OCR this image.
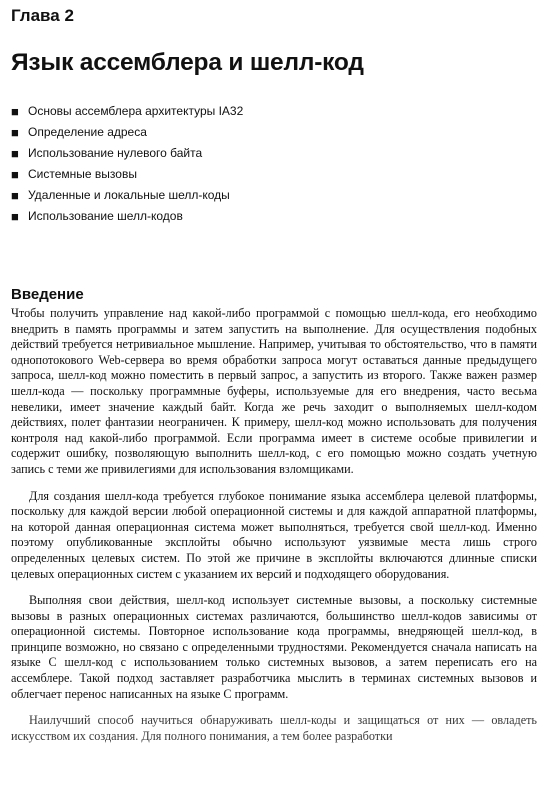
Глава 2
Язык ассемблера и шелл-код
■ Основы ассемблера архитектуры IA32
■ Определение адреса
■ Использование нулевого байта
■ Системные вызовы
■ Удаленные и локальные шелл-коды
■ Использование шелл-кодов
Введение

Чтобы получить управление над какой-либо программой с помощью шелл-кода, его необходимо внедрить в память программы и затем запустить на выполнение. Для осуществления подобных действий требуется нетривиальное мышление. Например, учитывая то обстоятельство, что в памяти однопотокового Web-сервера во время обработки запроса могут оставаться данные предыдущего запроса, шелл-код можно поместить в первый запрос, а запустить из второго. Также важен размер шелл-кода — поскольку программные буферы, используемые для его внедрения, часто весьма невелики, имеет значение каждый байт. Когда же речь заходит о выполняемых шелл-кодом действиях, полет фантазии неограничен. К примеру, шелл-код можно использовать для получения контроля над какой-либо программой. Если программа имеет в системе особые привилегии и содержит ошибку, позволяющую выполнить шелл-код, с его помощью можно создать учетную запись с теми же привилегиями для использования взломщиками.

Для создания шелл-кода требуется глубокое понимание языка ассемблера целевой платформы, поскольку для каждой версии любой операционной системы и для каждой аппаратной платформы, на которой данная операционная система может выполняться, требуется свой шелл-код. Именно поэтому опубликованные эксплойты обычно используют уязвимые места лишь строго определенных целевых систем. По этой же причине в эксплойты включаются длинные списки целевых операционных систем с указанием их версий и подходящего оборудования.

Выполняя свои действия, шелл-код использует системные вызовы, а поскольку системные вызовы в разных операционных системах различаются, большинство шелл-кодов зависимы от операционной системы. Повторное использование кода программы, внедряющей шелл-код, в принципе возможно, но связано с определенными трудностями. Рекомендуется сначала написать на языке C шелл-код с использованием только системных вызовов, а затем переписать его на ассемблере. Такой подход заставляет разработчика мыслить в терминах системных вызовов и облегчает перенос написанных на языке C программ.

Наилучший способ научиться обнаруживать шелл-коды и защищаться от них — овладеть искусством их создания. Для полного понимания, а тем более разработки
